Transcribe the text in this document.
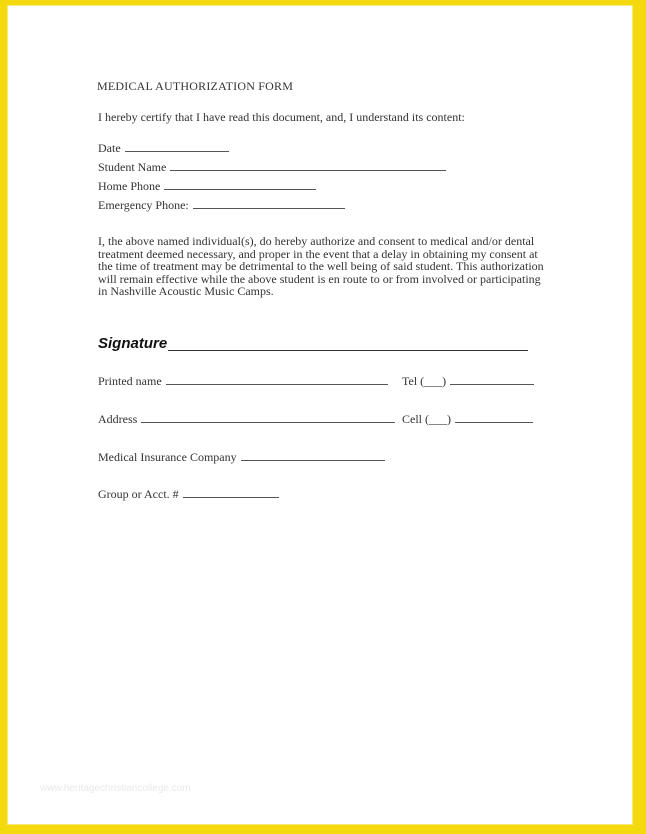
MEDICAL AUTHORIZATION FORM
I hereby certify that I have read this document, and, I understand its content:
Date
Student Name
Home Phone
Emergency Phone:
I, the above named individual(s), do hereby authorize and consent to medical and/or dental treatment deemed necessary, and proper in the event that a delay in obtaining my consent at the time of treatment may be detrimental to the well being of said student. This authorization will remain effective while the above student is en route to or from involved or participating in Nashville Acoustic Music Camps.
Signature
Printed name	Tel (___)
Address	Cell (___)
Medical Insurance Company
Group or Acct. #
www.heritagechristiancollege.com
